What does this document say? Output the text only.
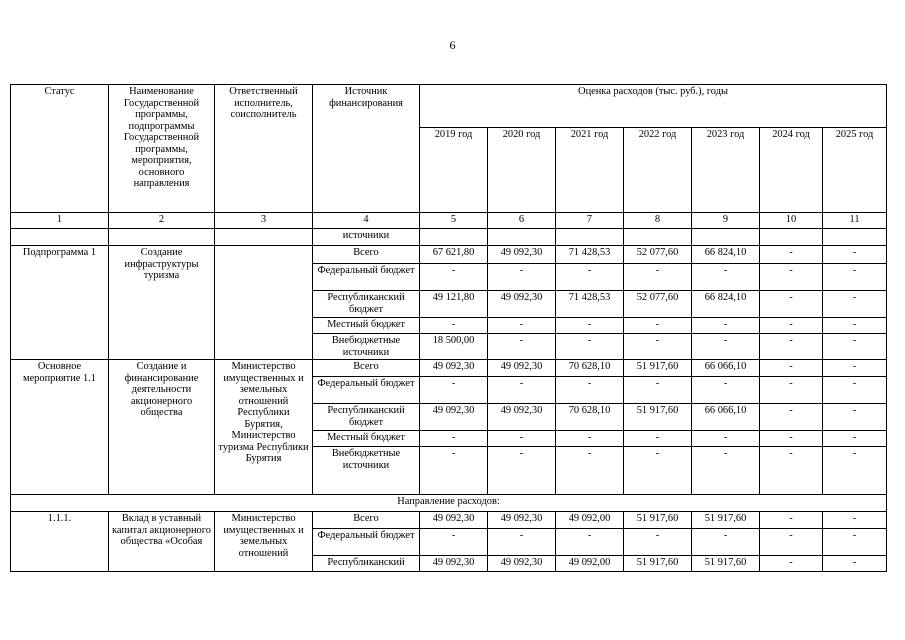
6
Статус	Наименование Государственной программы, подпрограммы Государственной программы, мероприятия, основного направления	Ответственный исполнитель, соисполнитель	Источник финансирования	Оценка расходов (тыс. руб.), годы						
				2019 год	2020 год	2021 год	2022 год	2023 год	2024 год	2025 год
1	2	3	4	5	6	7	8	9	10	11
			источники							
Подпрограмма 1	Создание инфраструктуры туризма		Всего	67 621,80	49 092,30	71 428,53	52 077,60	66 824,10	-	-
			Федеральный бюджет	-	-	-	-	-	-	-
			Республиканский бюджет	49 121,80	49 092,30	71 428,53	52 077,60	66 824,10	-	-
			Местный бюджет	-	-	-	-	-	-	-
			Внебюджетные источники	18 500,00	-	-	-	-	-	-
Основное мероприятие 1.1	Создание и финансирование деятельности акционерного общества	Министерство имущественных и земельных отношений Республики Бурятия, Министерство туризма Республики Бурятия	Всего	49 092,30	49 092,30	70 628,10	51 917,60	66 066,10	-	-
			Федеральный бюджет	-	-	-	-	-	-	-
			Республиканский бюджет	49 092,30	49 092,30	70 628,10	51 917,60	66 066,10	-	-
			Местный бюджет	-	-	-	-	-	-	-
			Внебюджетные источники	-	-	-	-	-	-	-
Направление расходов:										
1.1.1.	Вклад в уставный капитал акционерного общества «Особая	Министерство имущественных и земельных отношений	Всего	49 092,30	49 092,30	49 092,00	51 917,60	51 917,60	-	-
			Федеральный бюджет	-	-	-	-	-	-	-
			Республиканский	49 092,30	49 092,30	49 092,00	51 917,60	51 917,60	-	-
